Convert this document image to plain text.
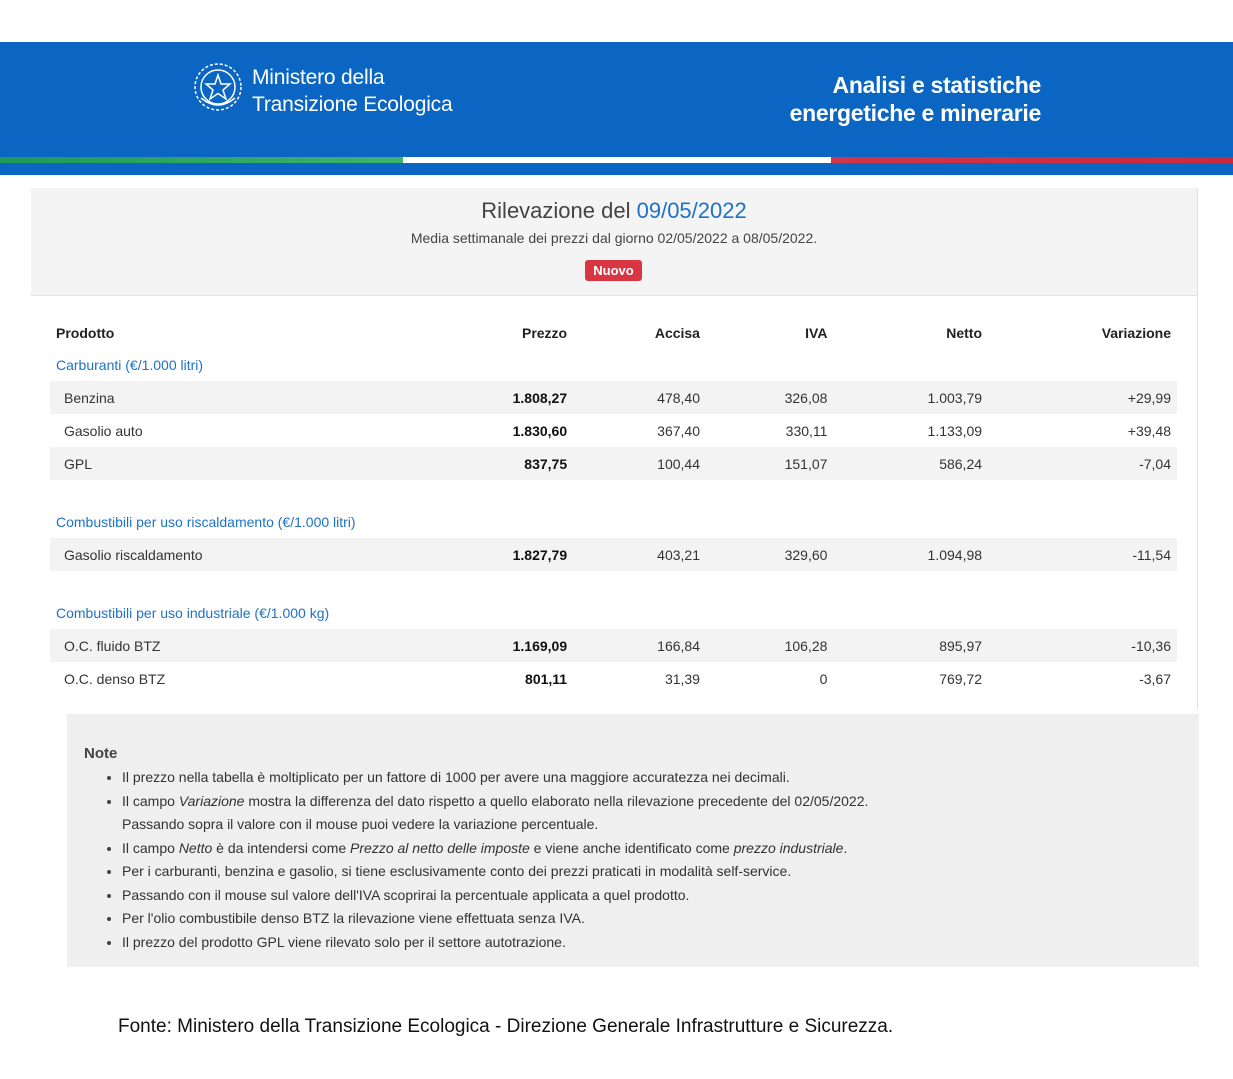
Ministero della
Transizione Ecologica
Analisi e statistiche
energetiche e minerarie
Rilevazione del 09/05/2022
Media settimanale dei prezzi dal giorno 02/05/2022 a 08/05/2022.
Nuovo
Prodotto	Prezzo	Accisa	IVA	Netto	Variazione
Carburanti (€/1.000 litri)					
Benzina	1.808,27	478,40	326,08	1.003,79	+29,99
Gasolio auto	1.830,60	367,40	330,11	1.133,09	+39,48
GPL	837,75	100,44	151,07	586,24	-7,04
Combustibili per uso riscaldamento (€/1.000 litri)					
Gasolio riscaldamento	1.827,79	403,21	329,60	1.094,98	-11,54
Combustibili per uso industriale (€/1.000 kg)					
O.C. fluido BTZ	1.169,09	166,84	106,28	895,97	-10,36
O.C. denso BTZ	801,11	31,39	0	769,72	-3,67
Note
• Il prezzo nella tabella è moltiplicato per un fattore di 1000 per avere una maggiore accuratezza nei decimali.
• Il campo Variazione mostra la differenza del dato rispetto a quello elaborato nella rilevazione precedente del 02/05/2022.
Passando sopra il valore con il mouse puoi vedere la variazione percentuale.
• Il campo Netto è da intendersi come Prezzo al netto delle imposte e viene anche identificato come prezzo industriale.
• Per i carburanti, benzina e gasolio, si tiene esclusivamente conto dei prezzi praticati in modalità self-service.
• Passando con il mouse sul valore dell'IVA scoprirai la percentuale applicata a quel prodotto.
• Per l'olio combustibile denso BTZ la rilevazione viene effettuata senza IVA.
• Il prezzo del prodotto GPL viene rilevato solo per il settore autotrazione.
Fonte: Ministero della Transizione Ecologica - Direzione Generale Infrastrutture e Sicurezza.
